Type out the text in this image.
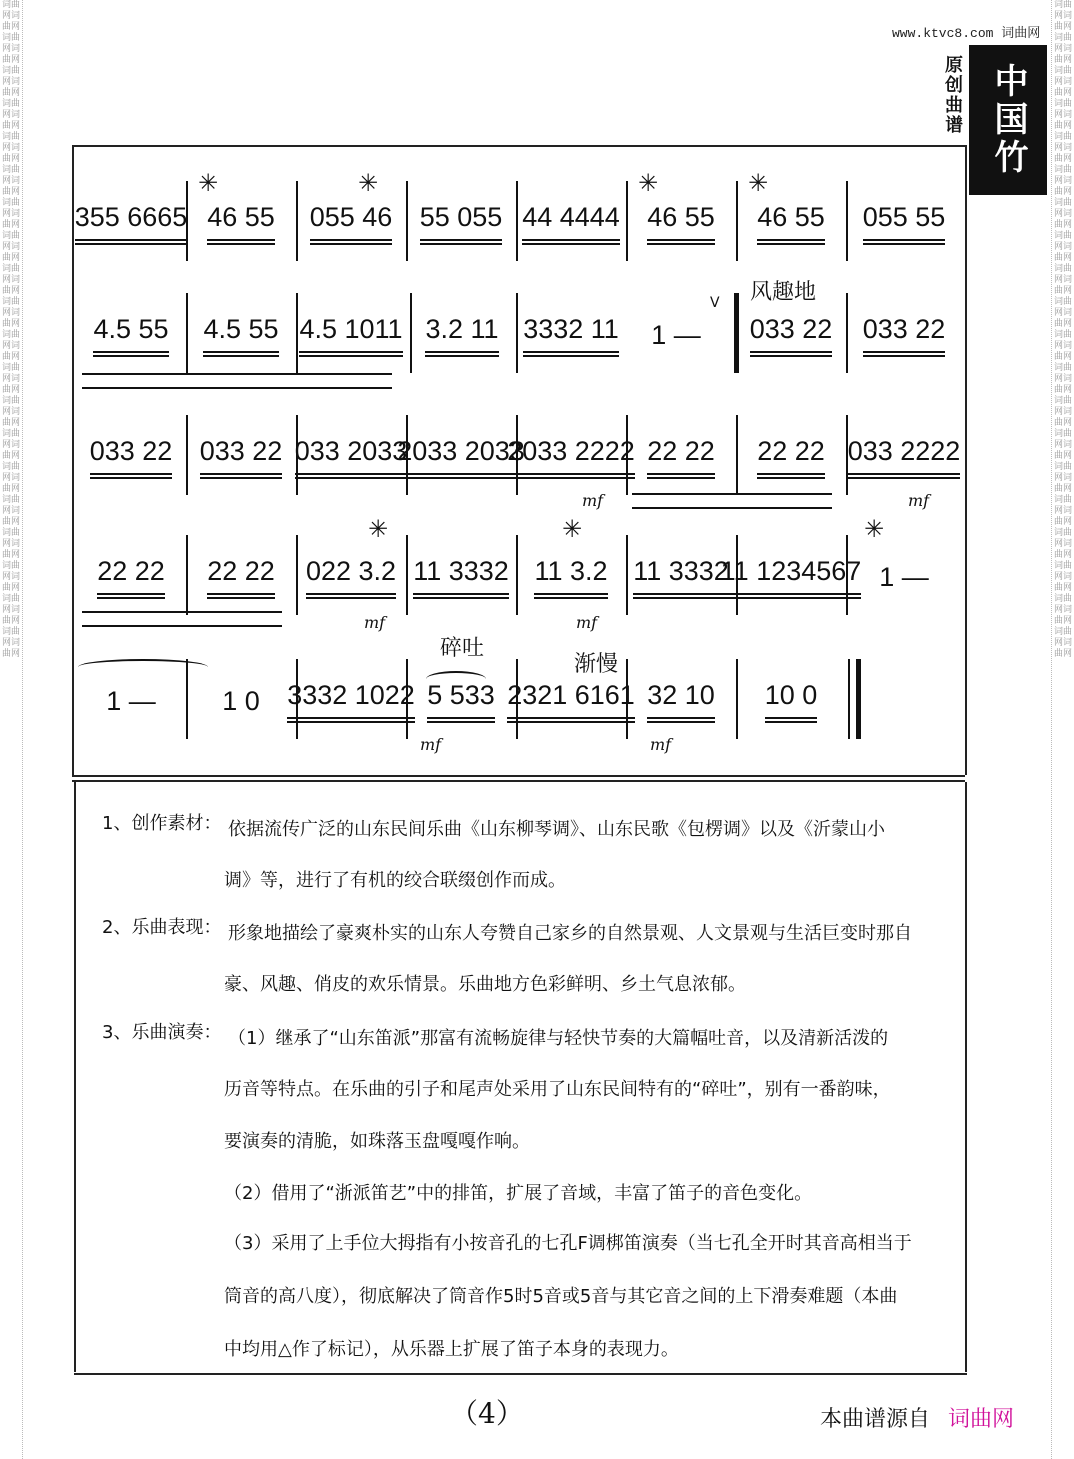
词曲网词曲网词曲网词曲网词曲网词曲网词曲网词曲网词曲网词曲网词曲网词曲网词曲网词曲网词曲网词曲网词曲网词曲网词曲网词曲网词曲网词曲网词曲网词曲网词曲网词曲网词曲网词曲网词曲网词曲网词曲网词曲网词曲网词曲网词曲网词曲网词曲网词曲网词曲网词曲网
词曲网词曲网词曲网词曲网词曲网词曲网词曲网词曲网词曲网词曲网词曲网词曲网词曲网词曲网词曲网词曲网词曲网词曲网词曲网词曲网词曲网词曲网词曲网词曲网词曲网词曲网词曲网词曲网词曲网词曲网词曲网词曲网词曲网词曲网词曲网词曲网词曲网词曲网词曲网词曲网
www.ktvc8.com 词曲网
原创曲谱 中国竹笛
355 6665 46 55 055 46 55 055 44 4444 46 55 46 55 055 55
✳	✳	✳	✳
4.5 55 4.5 55 4.5 1011 3.2 11 3332 11 1 —
V
033 22 033 22
风趣地
033 22 033 22 033 2033
2033 2033
2033 2222 22 22 22 22 033 2222
mf	mf
22 22 22 22 022 3.2 11 3332 11 3.2 11 3332
11 1234567 1 —
mf	mf
✳	✳	✳
1 — 1 0 3332 1022 5 533 2321 6161 32 10 10 0
碎吐
渐慢
mf	mf
1、创作素材： 依据流传广泛的山东民间乐曲《山东柳琴调》、山东民歌《包楞调》以及《沂蒙山小
调》等，进行了有机的绞合联缀创作而成。
2、乐曲表现： 形象地描绘了豪爽朴实的山东人夸赞自己家乡的自然景观、人文景观与生活巨变时那自
豪、风趣、俏皮的欢乐情景。乐曲地方色彩鲜明、乡土气息浓郁。
3、乐曲演奏： （1）继承了“山东笛派”那富有流畅旋律与轻快节奏的大篇幅吐音，以及清新活泼的
历音等特点。在乐曲的引子和尾声处采用了山东民间特有的“碎吐”，别有一番韵味，
要演奏的清脆，如珠落玉盘嘎嘎作响。
（2）借用了“浙派笛艺”中的排笛，扩展了音域，丰富了笛子的音色变化。
（3）采用了上手位大拇指有小按音孔的七孔F调梆笛演奏（当七孔全开时其音高相当于
筒音的高八度），彻底解决了筒音作5时5音或5音与其它音之间的上下滑奏难题（本曲
中均用△作了标记），从乐器上扩展了笛子本身的表现力。
（4）	本曲谱源自 词曲网
